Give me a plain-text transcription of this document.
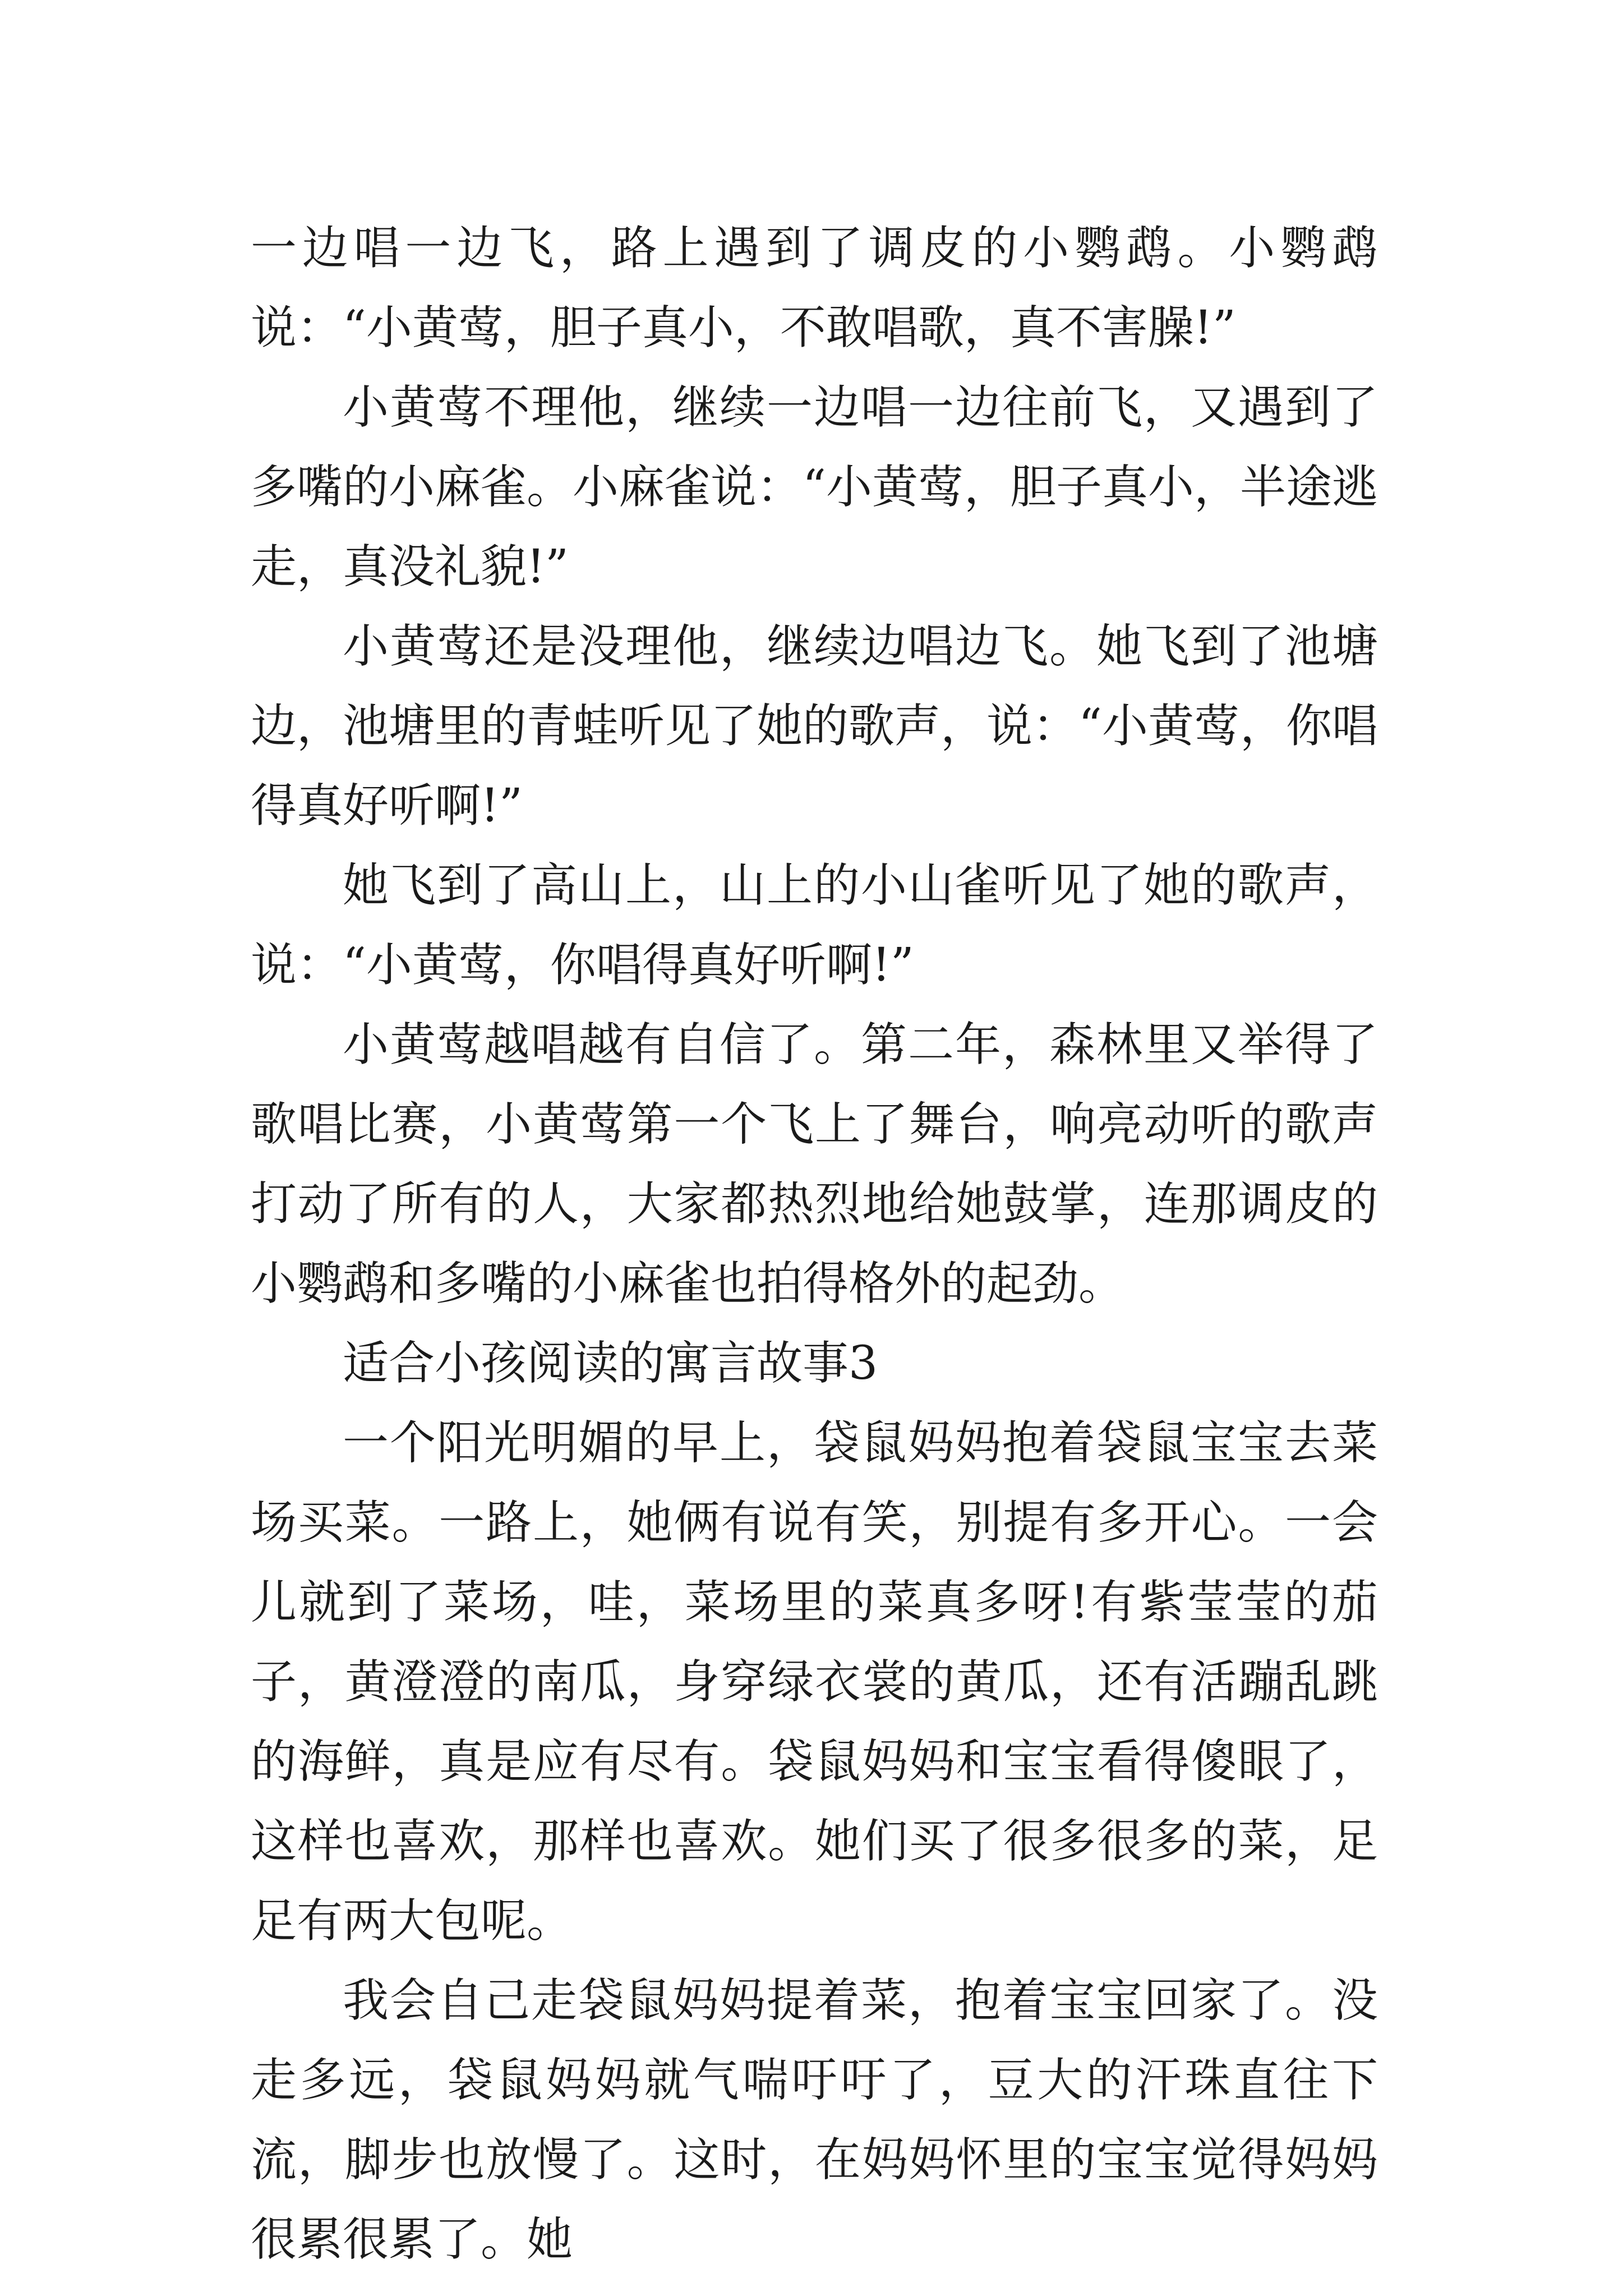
一边唱一边飞，路上遇到了调皮的小鹦鹉。小鹦鹉说：“小黄莺，胆子真小，不敢唱歌，真不害臊!”

小黄莺不理他，继续一边唱一边往前飞，又遇到了多嘴的小麻雀。小麻雀说：“小黄莺，胆子真小，半途逃走，真没礼貌!”

小黄莺还是没理他，继续边唱边飞。她飞到了池塘边，池塘里的青蛙听见了她的歌声，说：“小黄莺，你唱得真好听啊!”

她飞到了高山上，山上的小山雀听见了她的歌声，说：“小黄莺，你唱得真好听啊!”

小黄莺越唱越有自信了。第二年，森林里又举得了歌唱比赛，小黄莺第一个飞上了舞台，响亮动听的歌声打动了所有的人，大家都热烈地给她鼓掌，连那调皮的小鹦鹉和多嘴的小麻雀也拍得格外的起劲。

适合小孩阅读的寓言故事3

一个阳光明媚的早上，袋鼠妈妈抱着袋鼠宝宝去菜场买菜。一路上，她俩有说有笑，别提有多开心。一会儿就到了菜场，哇，菜场里的菜真多呀!有紫莹莹的茄子，黄澄澄的南瓜，身穿绿衣裳的黄瓜，还有活蹦乱跳的海鲜，真是应有尽有。袋鼠妈妈和宝宝看得傻眼了，这样也喜欢，那样也喜欢。她们买了很多很多的菜，足足有两大包呢。

我会自己走袋鼠妈妈提着菜，抱着宝宝回家了。没走多远，袋鼠妈妈就气喘吁吁了，豆大的汗珠直往下流，脚步也放慢了。这时，在妈妈怀里的宝宝觉得妈妈很累很累了。她
